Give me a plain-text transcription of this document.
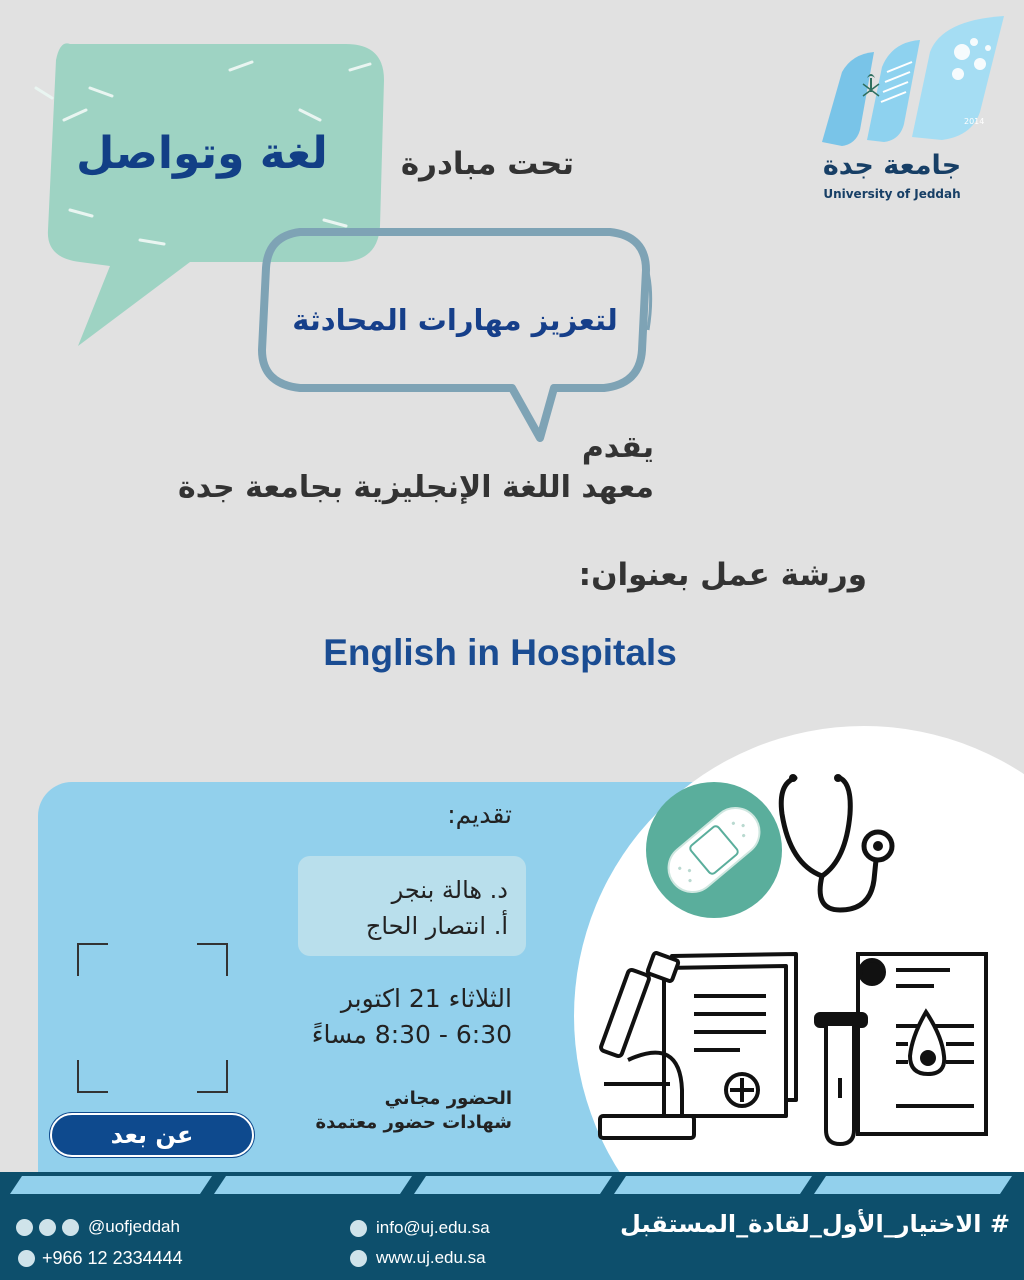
2014
جامعة جدة
University of Jeddah
تحت مبادرة
لغة وتواصل
لتعزيز مهارات المحادثة
يقدم
معهد اللغة الإنجليزية بجامعة جدة
ورشة عمل بعنوان:
English in Hospitals
تقديم:
د. هالة بنجر
أ. انتصار الحاج
الثلاثاء 21 اكتوبر
6:30 - 8:30 مساءً
الحضور مجاني
شهادات حضور معتمدة
عن بعد
@uofjeddah
+966 12 2334444
info@uj.edu.sa
www.uj.edu.sa
# الاختيار_الأول_لقادة_المستقبل
